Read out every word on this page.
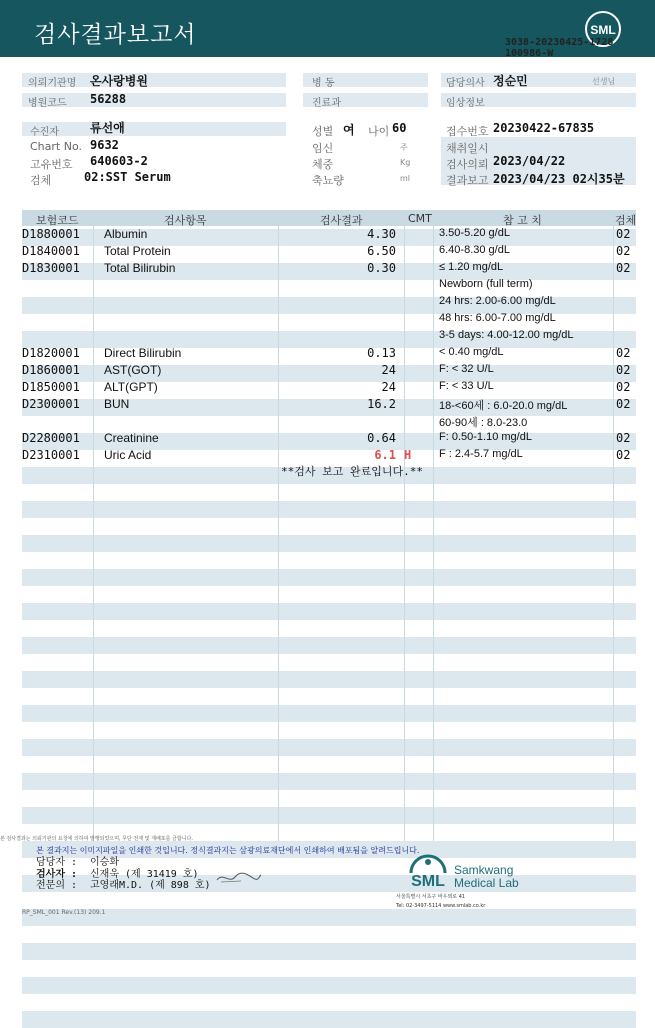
검사결과보고서	SML
3038-20230425-1728
100986-W
의뢰기관명 온사랑병원
병원코드 56288
수진자	류선애
Chart No. 9632
고유번호 640603-2
검체	02:SST Serum
병 동
진료과
성별 여 나이 60
임신	주
체중	Kg
축뇨량	ml
담당의사 정순민	선생님
임상정보
접수번호 20230422-67835
채취일시
검사의뢰 2023/04/22
결과보고 2023/04/23 02시35분
보험코드	검사항목	검사결과	CMT	참 고 치	검체
D1880001 Albumin	4.30	3.50-5.20 g/dL	02
D1840001 Total Protein	6.50	6.40-8.30 g/dL	02
D1830001 Total Bilirubin	0.30	≤ 1.20 mg/dL	02
Newborn (full term)
24 hrs: 2.00-6.00 mg/dL
48 hrs: 6.00-7.00 mg/dL
3-5 days: 4.00-12.00 mg/dL
D1820001 Direct Bilirubin	0.13	< 0.40 mg/dL	02
D1860001 AST(GOT)	24	F: < 32 U/L	02
D1850001 ALT(GPT)	24	F: < 33 U/L	02
D2300001 BUN	16.2	18-<60세 : 6.0-20.0 mg/dL	02
60-90세 : 8.0-23.0
D2280001 Creatinine	0.64	F: 0.50-1.10 mg/dL	02
D2310001 Uric Acid	6.1 H	F : 2.4-5.7 mg/dL	02
**검사 보고 완료입니다.**
본 검사결과는 의뢰기관의 요청에 의하여 발행되었으며, 무단 전재 및 재배포를 금합니다.
본 결과지는 이미지파일을 인쇄한 것입니다. 정식결과지는 삼광의료재단에서 인쇄하여 배포됨을 알려드립니다.
담당자 : 이승화
검사자 : 신재욱 (제 31419 호)
전문의 : 고영래M.D. (제 898 호)	SML
Samkwang
Medical Lab
서울특별시 서초구 바우뫼로 41
Tel: 02-3497-5114 www.smlab.co.kr
RP_SML_001 Rev.(13) 209.1
